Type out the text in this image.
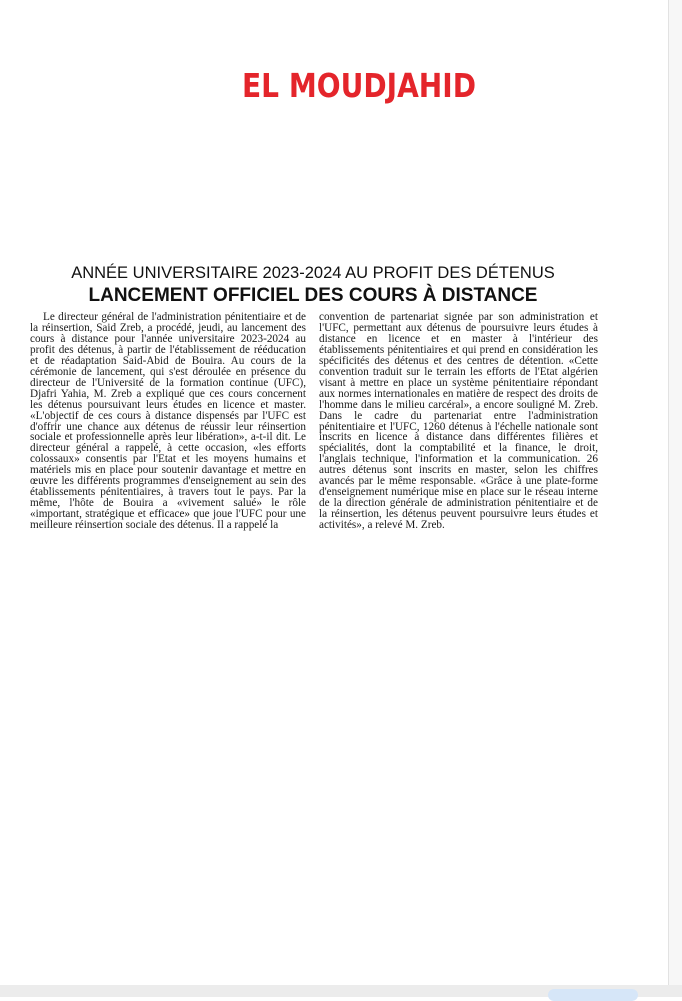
EL MOUDJAHID
ANNÉE UNIVERSITAIRE 2023-2024 AU PROFIT DES DÉTENUS
LANCEMENT OFFICIEL DES COURS À DISTANCE
Le directeur général de l'administration pénitentiaire et de la réinsertion, Said Zreb, a procédé, jeudi, au lancement des cours à distance pour l'année universitaire 2023-2024 au profit des détenus, à partir de l'établissement de rééducation et de réadaptation Said-Abid de Bouira. Au cours de la cérémonie de lancement, qui s'est déroulée en présence du directeur de l'Université de la formation continue (UFC), Djafri Yahia, M. Zreb a expliqué que ces cours concernent les détenus poursuivant leurs études en licence et master. «L'objectif de ces cours à distance dispensés par l'UFC est d'offrir une chance aux détenus de réussir leur réinsertion sociale et professionnelle après leur libération», a-t-il dit. Le directeur général a rappelé, à cette occasion, «les efforts colossaux» consentis par l'Etat et les moyens humains et matériels mis en place pour soutenir davantage et mettre en œuvre les différents programmes d'enseignement au sein des établissements pénitentiaires, à travers tout le pays. Par la même, l'hôte de Bouira a «vivement salué» le rôle «important, stratégique et efficace» que joue l'UFC pour une meilleure réinsertion sociale des détenus. Il a rappelé la
convention de partenariat signée par son administration et l'UFC, permettant aux détenus de poursuivre leurs études à distance en licence et en master à l'intérieur des établissements pénitentiaires et qui prend en considération les spécificités des détenus et des centres de détention. «Cette convention traduit sur le terrain les efforts de l'Etat algérien visant à mettre en place un système pénitentiaire répondant aux normes internationales en matière de respect des droits de l'homme dans le milieu carcéral», a encore souligné M. Zreb. Dans le cadre du partenariat entre l'administration pénitentiaire et l'UFC, 1260 détenus à l'échelle nationale sont inscrits en licence à distance dans différentes filières et spécialités, dont la comptabilité et la finance, le droit, l'anglais technique, l'information et la communication. 26 autres détenus sont inscrits en master, selon les chiffres avancés par le même responsable. «Grâce à une plate-forme d'enseignement numérique mise en place sur le réseau interne de la direction générale de administration pénitentiaire et de la réinsertion, les détenus peuvent poursuivre leurs études et activités», a relevé M. Zreb.
